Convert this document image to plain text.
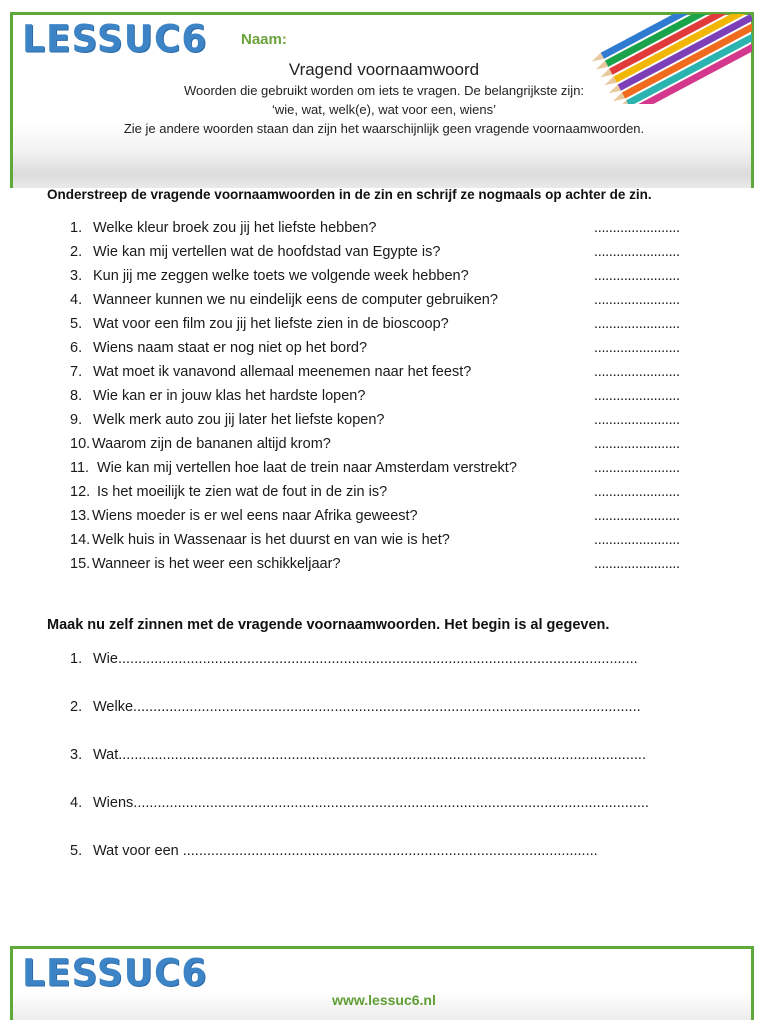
LESSUC6 Naam:
Vragend voornaamwoord
Woorden die gebruikt worden om iets te vragen. De belangrijkste zijn:
‘wie, wat, welk(e), wat voor een, wiens’
Zie je andere woorden staan dan zijn het waarschijnlijk geen vragende voornaamwoorden.
Onderstreep de vragende voornaamwoorden in de zin en schrijf ze nogmaals op achter de zin.
1. Welke kleur broek zou jij het liefste hebben?	.......................
2. Wie kan mij vertellen wat de hoofdstad van Egypte is?	.......................
3. Kun jij me zeggen welke toets we volgende week hebben?	.......................
4. Wanneer kunnen we nu eindelijk eens de computer gebruiken?	.......................
5. Wat voor een film zou jij het liefste zien in de bioscoop?	.......................
6. Wiens naam staat er nog niet op het bord?	.......................
7. Wat moet ik vanavond allemaal meenemen naar het feest?	.......................
8. Wie kan er in jouw klas het hardste lopen?	.......................
9. Welk merk auto zou jij later het liefste kopen?	.......................
10. Waarom zijn de bananen altijd krom?	.......................
11. Wie kan mij vertellen hoe laat de trein naar Amsterdam verstrekt?	.......................
12. Is het moeilijk te zien wat de fout in de zin is?	.......................
13. Wiens moeder is er wel eens naar Afrika geweest?	.......................
14. Welk huis in Wassenaar is het duurst en van wie is het?	.......................
15. Wanneer is het weer een schikkeljaar?	.......................
Maak nu zelf zinnen met de vragende voornaamwoorden. Het begin is al gegeven.
1. Wie.................................................................................................................................
2. Welke..............................................................................................................................
3. Wat...................................................................................................................................
4. Wiens................................................................................................................................
5. Wat voor een .......................................................................................................
LESSUC6
www.lessuc6.nl
